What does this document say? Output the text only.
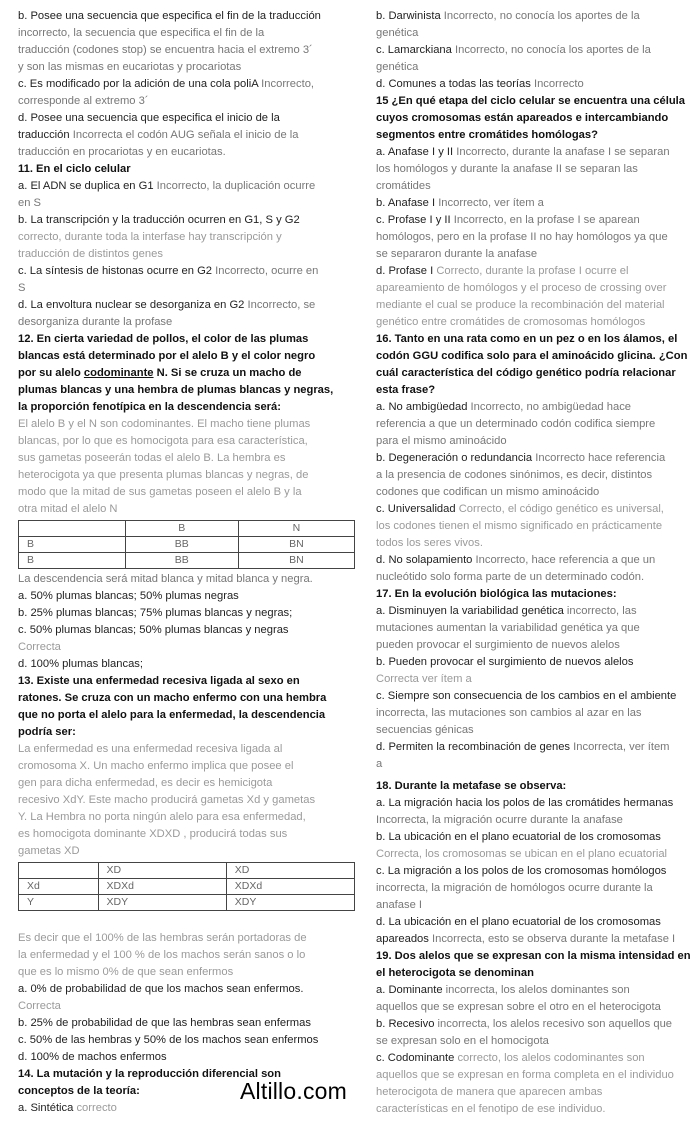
b. Posee una secuencia que especifica el fin de la traducción

incorrecto, la secuencia que especifica el fin de la

traducción (codones stop) se encuentra hacia el extremo 3´

y son las mismas en eucariotas y procariotas

c. Es modificado por la adición de una cola poliA Incorrecto,

corresponde al extremo 3´

d. Posee una secuencia que especifica el inicio de la

traducción Incorrecta el codón AUG señala el inicio de la

traducción en procariotas y en eucariotas.

11. En el ciclo celular

a. El ADN se duplica en G1 Incorrecto, la duplicación ocurre

en S

b. La transcripción y la traducción ocurren en G1, S y G2

correcto, durante toda la interfase hay transcripción y

traducción de distintos genes

c. La síntesis de histonas ocurre en G2 Incorrecto, ocurre en

S

d. La envoltura nuclear se desorganiza en G2 Incorrecto, se

desorganiza durante la profase

12. En cierta variedad de pollos, el color de las plumas

blancas está determinado por el alelo B y el color negro

por su alelo codominante N. Si se cruza un macho de

plumas blancas y una hembra de plumas blancas y negras,

la proporción fenotípica en la descendencia será:

El alelo B y el N son codominantes. El macho tiene plumas

blancas, por lo que es homocigota para esa característica,

sus gametas poseerán todas el alelo B. La hembra es

heterocigota ya que presenta plumas blancas y negras, de

modo que la mitad de sus gametas poseen el alelo B y la

otra mitad el alelo N

	B	N
B	BB	BN
B	BB	BN

La descendencia será mitad blanca y mitad blanca y negra.

a. 50% plumas blancas; 50% plumas negras

b. 25% plumas blancas; 75% plumas blancas y negras;

c. 50% plumas blancas; 50% plumas blancas y negras

Correcta

d. 100% plumas blancas;

13. Existe una enfermedad recesiva ligada al sexo en

ratones. Se cruza con un macho enfermo con una hembra

que no porta el alelo para la enfermedad, la descendencia

podría ser:

La enfermedad es una enfermedad recesiva ligada al

cromosoma X. Un macho enfermo implica que posee el

gen para dicha enfermedad, es decir es hemicigota

recesivo XdY. Este macho producirá gametas Xd y gametas

Y. La Hembra no porta ningún alelo para esa enfermedad,

es homocigota dominante XDXD , producirá todas sus

gametas XD

	XD	XD
Xd	XDXd	XDXd
Y	XDY	XDY

Es decir que el 100% de las hembras serán portadoras de

la enfermedad y el 100 % de los machos serán sanos o lo

que es lo mismo 0% de que sean enfermos

a. 0% de probabilidad de que los machos sean enfermos.

Correcta

b. 25% de probabilidad de que las hembras sean enfermas

c. 50% de las hembras y 50% de los machos sean enfermos

d. 100% de machos enfermos

14. La mutación y la reproducción diferencial son

conceptos de la teoría:

a. Sintética correcto

b. Darwinista Incorrecto, no conocía los aportes de la

genética

c. Lamarckiana Incorrecto, no conocía los aportes de la

genética

d. Comunes a todas las teorías Incorrecto

15 ¿En qué etapa del ciclo celular se encuentra una célula

cuyos cromosomas están apareados e intercambiando

segmentos entre cromátides homólogas?

a. Anafase I y II Incorrecto, durante la anafase I se separan

los homólogos y durante la anafase II se separan las

cromátides

b. Anafase I Incorrecto, ver ítem a

c. Profase I y II Incorrecto, en la profase I se aparean

homólogos, pero en la profase II no hay homólogos ya que

se separaron durante la anafase

d. Profase I Correcto, durante la profase I ocurre el

apareamiento de homólogos y el proceso de crossing over

mediante el cual se produce la recombinación del material

genético entre cromátides de cromosomas homólogos

16. Tanto en una rata como en un pez o en los álamos, el

codón GGU codifica solo para el aminoácido glicina. ¿Con

cuál característica del código genético podría relacionar

esta frase?

a. No ambigüedad Incorrecto, no ambigüedad hace

referencia a que un determinado codón codifica siempre

para el mismo aminoácido

b. Degeneración o redundancia Incorrecto hace referencia

a la presencia de codones sinónimos, es decir, distintos

codones que codifican un mismo aminoácido

c. Universalidad Correcto, el código genético es universal,

los codones tienen el mismo significado en prácticamente

todos los seres vivos.

d. No solapamiento Incorrecto, hace referencia a que un

nucleótido solo forma parte de un determinado codón.

17. En la evolución biológica las mutaciones:

a. Disminuyen la variabilidad genética incorrecto, las

mutaciones aumentan la variabilidad genética ya que

pueden provocar el surgimiento de nuevos alelos

b. Pueden provocar el surgimiento de nuevos alelos

Correcta ver ítem a

c. Siempre son consecuencia de los cambios en el ambiente

incorrecta, las mutaciones son cambios al azar en las

secuencias génicas

d. Permiten la recombinación de genes Incorrecta, ver ítem

a

18. Durante la metafase se observa:

a. La migración hacia los polos de las cromátides hermanas

Incorrecta, la migración ocurre durante la anafase

b. La ubicación en el plano ecuatorial de los cromosomas

Correcta, los cromosomas se ubican en el plano ecuatorial

c. La migración a los polos de los cromosomas homólogos

incorrecta, la migración de homólogos ocurre durante la

anafase I

d. La ubicación en el plano ecuatorial de los cromosomas

apareados Incorrecta, esto se observa durante la metafase I

19. Dos alelos que se expresan con la misma intensidad en

el heterocigota se denominan

a. Dominante incorrecta, los alelos dominantes son

aquellos que se expresan sobre el otro en el heterocigota

b. Recesivo incorrecta, los alelos recesivo son aquellos que

se expresan solo en el homocigota

c. Codominante correcto, los alelos codominantes son

aquellos que se expresan en forma completa en el individuo

heterocigota de manera que aparecen ambas

características en el fenotipo de ese individuo.

Altillo.com
